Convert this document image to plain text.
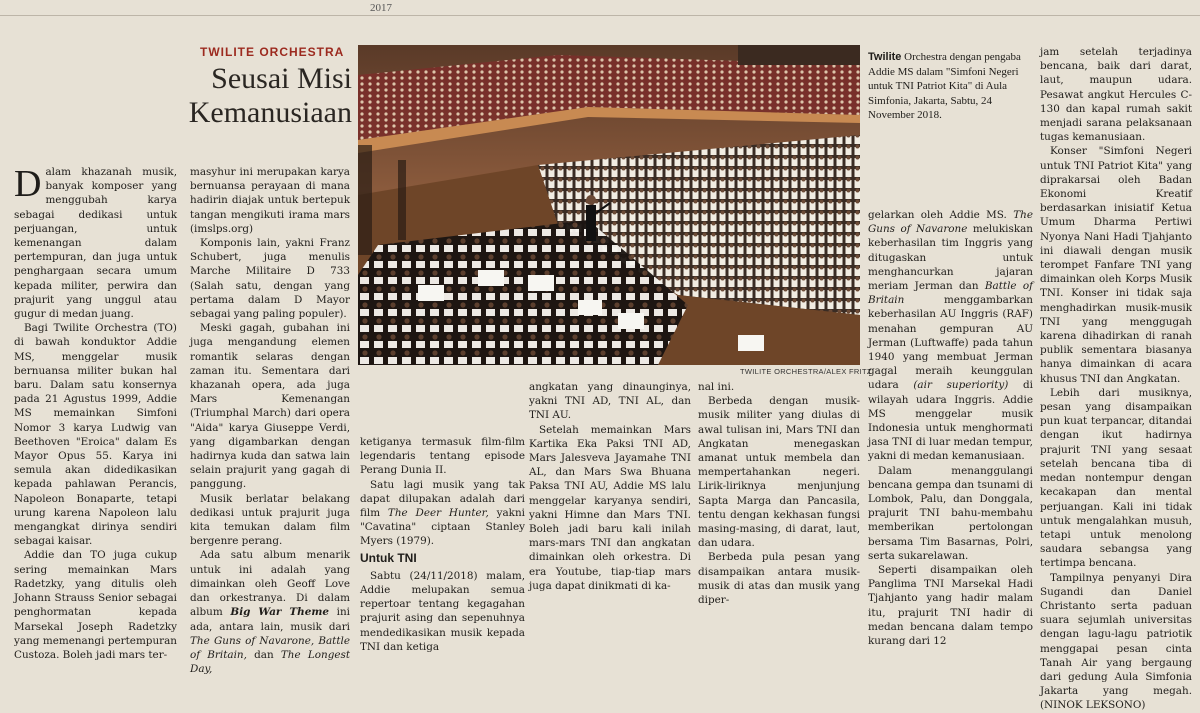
2017
TWILITE ORCHESTRA
Seusai Misi Kemanusiaan

Dalam khazanah musik, banyak komposer yang menggubah karya sebagai dedikasi untuk perjuangan, untuk kemenangan dalam pertempuran, dan juga untuk penghargaan secara umum kepada militer, perwira dan prajurit yang unggul atau gugur di medan juang.

Bagi Twilite Orchestra (TO) di bawah konduktor Addie MS, menggelar musik bernuansa militer bukan hal baru. Dalam satu konsernya pada 21 Agustus 1999, Addie MS memainkan Simfoni Nomor 3 karya Ludwig van Beethoven "Eroica" dalam Es Mayor Opus 55. Karya ini semula akan didedikasikan kepada pahlawan Perancis, Napoleon Bonaparte, tetapi urung karena Napoleon lalu mengangkat dirinya sendiri sebagai kaisar.

Addie dan TO juga cukup sering memainkan Mars Radetzky, yang ditulis oleh Johann Strauss Senior sebagai penghormatan kepada Marsekal Joseph Radetzky yang memenangi pertempuran Custoza. Boleh jadi mars ter-

masyhur ini merupakan karya bernuansa perayaan di mana hadirin diajak untuk bertepuk tangan mengikuti irama mars (imslps.org)

Komponis lain, yakni Franz Schubert, juga menulis Marche Militaire D 733 (Salah satu, dengan yang pertama dalam D Mayor sebagai yang paling populer).

Meski gagah, gubahan ini juga mengandung elemen romantik selaras dengan zaman itu. Sementara dari khazanah opera, ada juga Mars Kemenangan (Triumphal March) dari opera "Aida" karya Giuseppe Verdi, yang digambarkan dengan hadirnya kuda dan satwa lain selain prajurit yang gagah di panggung.

Musik berlatar belakang dedikasi untuk prajurit juga kita temukan dalam film bergenre perang.

Ada satu album menarik untuk ini adalah yang dimainkan oleh Geoff Love dan orkestranya. Di dalam album Big War Theme ini ada, antara lain, musik dari The Guns of Navarone, Battle of Britain, dan The Longest Day,

TWILITE ORCHESTRA/ALEX FRITZ
Twilite Orchestra dengan pengaba Addie MS dalam "Simfoni Negeri untuk TNI Patriot Kita" di Aula Simfonia, Jakarta, Sabtu, 24 November 2018.

ketiganya termasuk film-film legendaris tentang episode Perang Dunia II.

Satu lagi musik yang tak dapat dilupakan adalah dari film The Deer Hunter, yakni "Cavatina" ciptaan Stanley Myers (1979).

Untuk TNI

Sabtu (24/11/2018) malam, Addie melupakan semua repertoar tentang kegagahan prajurit asing dan sepenuhnya mendedikasikan musik kepada TNI dan ketiga

angkatan yang dinaunginya, yakni TNI AD, TNI AL, dan TNI AU.

Setelah memainkan Mars Kartika Eka Paksi TNI AD, Mars Jalesveva Jayamahe TNI AL, dan Mars Swa Bhuana Paksa TNI AU, Addie MS lalu menggelar karyanya sendiri, yakni Himne dan Mars TNI. Boleh jadi baru kali inilah mars-mars TNI dan angkatan dimainkan oleh orkestra. Di era Youtube, tiap-tiap mars juga dapat dinikmati di ka-

gelarkan oleh Addie MS. The Guns of Navarone melukiskan keberhasilan tim Inggris yang ditugaskan untuk menghancurkan jajaran meriam Jerman dan Battle of Britain	menggambarkan keberhasilan AU Inggris (RAF) menahan gempuran AU Jerman (Luftwaffe) pada tahun 1940 yang membuat Jerman gagal meraih keunggulan udara (air superiority) di wilayah udara Inggris. Addie MS menggelar musik Indonesia untuk menghormati jasa TNI di luar medan tempur, yakni di medan kemanusiaan.

Dalam menanggulangi bencana gempa dan tsunami di Lombok, Palu, dan Donggala, prajurit TNI bahu-membahu memberikan pertolongan bersama Tim Basarnas, Polri, serta sukarelawan.

Seperti disampaikan oleh Panglima TNI Marsekal Hadi Tjahjanto yang hadir malam itu, prajurit TNI hadir di medan bencana dalam tempo kurang dari 12

nal ini.

Berbeda dengan musik-musik militer yang diulas di awal tulisan ini, Mars TNI dan Angkatan menegaskan amanat untuk membela dan mempertahankan negeri. Lirik-liriknya menjunjung Sapta Marga dan Pancasila, tentu dengan kekhasan fungsi masing-masing, di darat, laut, dan udara.

Berbeda pula pesan yang disampaikan antara musik-musik di atas dan musik yang diper-

jam setelah terjadinya bencana, baik dari darat, laut, maupun udara. Pesawat angkut Hercules C-130 dan kapal rumah sakit menjadi sarana pelaksanaan tugas kemanusiaan.

Konser "Simfoni Negeri untuk TNI Patriot Kita" yang diprakarsai oleh Badan Ekonomi Kreatif berdasarkan inisiatif Ketua Umum Dharma Pertiwi Nyonya Nani Hadi Tjahjanto ini diawali dengan musik terompet Fanfare TNI yang dimainkan oleh Korps Musik TNI. Konser ini tidak saja menghadirkan musik-musik TNI yang menggugah karena dihadirkan di ranah publik sementara biasanya hanya dimainkan di acara khusus TNI dan Angkatan.

Lebih dari musiknya, pesan yang disampaikan pun kuat terpancar, ditandai dengan ikut hadirnya prajurit TNI yang sesaat setelah bencana tiba di medan nontempur dengan kecakapan dan mental perjuangan. Kali ini tidak untuk mengalahkan musuh, tetapi untuk menolong saudara sebangsa yang tertimpa bencana.

Tampilnya penyanyi Dira Sugandi dan Daniel Christanto serta paduan suara sejumlah universitas dengan lagu-lagu patriotik menggapai pesan cinta Tanah Air yang bergaung dari gedung Aula Simfonia Jakarta yang megah. (NINOK LEKSONO)
